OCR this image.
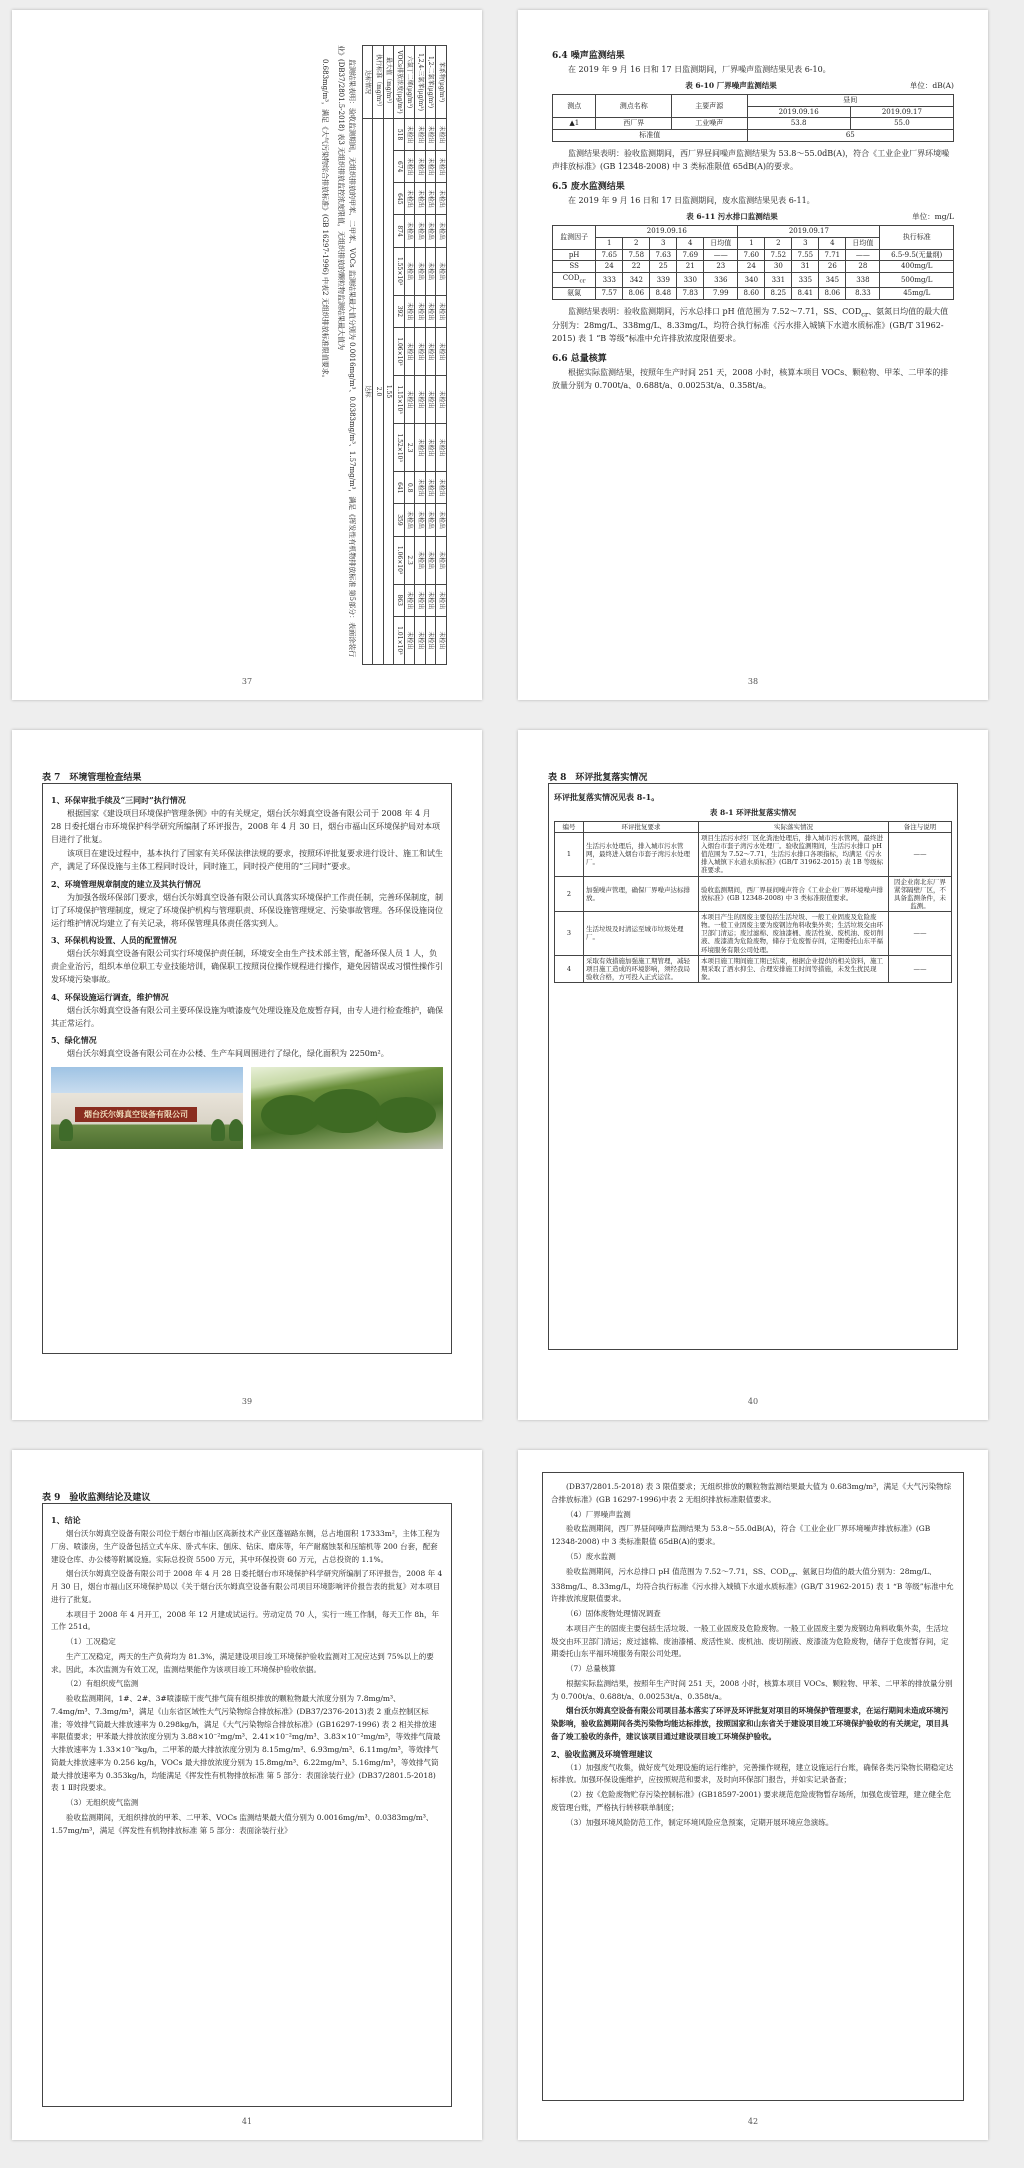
苯系物(μg/m³)	未检出	未检出	未检出	未检出	未检出	未检出	未检出	未检出	未检出	未检出	未检出	未检出	未检出	未检出
1,2-二氯苯(μg/m³)	未检出	未检出	未检出	未检出	未检出	未检出	未检出	未检出	未检出	未检出	未检出	未检出	未检出	未检出
1,2,4-三氯苯(μg/m³)	未检出	未检出	未检出	未检出	未检出	未检出	未检出	未检出	未检出	未检出	未检出	未检出	未检出	未检出
六氯丁二烯(μg/m³)	未检出	未检出	未检出	未检出	未检出	未检出	未检出	未检出	2.3	0.8	未检出	2.3	未检出	未检出
VOCs排放浓度(μg/m³)	518	674	645	874	1.55×10³	392	1.06×10³	1.15×10³	1.52×10³	641	359	1.06×10³	863	1.01×10³
最大值（mg/m³）	1.55													
执行标准（mg/m³）	2.0													
达标情况	达标													
监测结果表明：验收监测期间，无组织排放的甲苯、二甲苯、VOCs 监测结果最大值分别为 0.0016mg/m³、0.0383mg/m³、1.57mg/m³，满足《挥发性有机物排放标准 第5部分：表面涂装行业》(DB37/2801.5-2018) 表3 无组织排放监控浓度限值，无组织排放的颗粒物监测结果最大值为
0.683mg/m³，满足《大气污染物综合排放标准》(GB 16297-1996) 中表2 无组织排放标准限值要求。
37
6.4 噪声监测结果
在 2019 年 9 月 16 日和 17 日监测期间，厂界噪声监测结果见表 6-10。
表 6-10 厂界噪声监测结果	单位：dB(A)
测点	测点名称	主要声源	昼间	
			2019.09.16	2019.09.17
▲1	西厂界	工业噪声	53.8	55.0
标准值			65	
监测结果表明：验收监测期间，西厂界昼间噪声监测结果为 53.8～55.0dB(A)，符合《工业企业厂界环境噪声排放标准》(GB 12348-2008) 中 3 类标准限值 65dB(A)的要求。
6.5 废水监测结果
在 2019 年 9 月 16 日和 17 日监测期间，废水监测结果见表 6-11。
表 6-11 污水排口监测结果	单位：mg/L
监测因子	2019.09.16					2019.09.17					执行标准
	1	2	3	4	日均值	1	2	3	4	日均值	
pH	7.65	7.58	7.63	7.69	——	7.60	7.52	7.55	7.71	——	6.5-9.5(无量纲)
SS	24	22	25	21	23	24	30	31	26	28	400mg/L
$COD_{cr}$	333	342	339	330	336	340	331	335	345	338	500mg/L
氨氮	7.57	8.06	8.48	7.83	7.99	8.60	8.25	8.41	8.06	8.33	45mg/L
监测结果表明：验收监测期间，污水总排口 pH 值范围为 7.52～7.71，SS、$COD_{cr}$、氨氮日均值的最大值分别为：28mg/L、338mg/L、8.33mg/L，均符合执行标准《污水排入城镇下水道水质标准》(GB/T 31962-2015) 表 1 “B 等级”标准中允许排放浓度限值要求。
6.6 总量核算
根据实际监测结果，按照年生产时间 251 天，2008 小时，核算本项目 VOCs、颗粒物、甲苯、二甲苯的排放量分别为 0.700t/a、0.688t/a、0.00253t/a、0.358t/a。
38
表 7　环境管理检查结果
1、环保审批手续及“三同时”执行情况
根据国家《建设项目环境保护管理条例》中的有关规定，烟台沃尔姆真空设备有限公司于 2008 年 4 月 28 日委托烟台市环境保护科学研究所编制了环评报告，2008 年 4 月 30 日，烟台市福山区环境保护局对本项目进行了批复。
该项目在建设过程中，基本执行了国家有关环保法律法规的要求，按照环评批复要求进行设计、施工和试生产，满足了环保设施与主体工程同时设计，同时施工，同时投产使用的“三同时”要求。
2、环境管理规章制度的建立及其执行情况
为加强各级环保部门要求，烟台沃尔姆真空设备有限公司认真落实环境保护工作责任制，完善环保制度，制订了环境保护管理制度，规定了环境保护机构与管理职责、环保设施管理规定、污染事故管理。各环保设施岗位运行维护情况均建立了有关记录，将环保管理具体责任落实到人。
3、环保机构设置、人员的配置情况
烟台沃尔姆真空设备有限公司实行环境保护责任制，环境安全由生产技术部主管，配备环保人员 1 人，负责企业治污，组织本单位职工专业技能培训，确保职工按照岗位操作规程进行操作，避免因错误或习惯性操作引发环境污染事故。
4、环保设施运行调查，维护情况
烟台沃尔姆真空设备有限公司主要环保设施为喷漆废气处理设施及危废暂存间，由专人进行检查维护，确保其正常运行。
5、绿化情况
烟台沃尔姆真空设备有限公司在办公楼、生产车间周围进行了绿化，绿化面积为 2250m²。
烟台沃尔姆真空设备有限公司
39
表 8　环评批复落实情况
环评批复落实情况见表 8-1。
表 8-1 环评批复落实情况
编号	环评批复要求	实际落实情况	备注与说明
1	生活污水处理后，排入城市污水管网，最终进入烟台市套子湾污水处理厂。	项目生活污水经厂区化粪池处理后，排入城市污水管网，最终进入烟台市套子湾污水处理厂。验收监测期间，生活污水排口 pH 值范围为 7.52～7.71，生活污水排口各项指标，均满足《污水排入城镇下水道水质标准》(GB/T 31962-2015) 表 1B 等级标准要求。	——
2	加强噪声管理，确保厂界噪声达标排放。	验收监测期间，西厂界昼间噪声符合《工业企业厂界环境噪声排放标准》(GB 12348-2008) 中 3 类标准限值要求。	因企业南北东厂界紧邻隔壁厂区，不具备监测条件，未监测。
3	生活垃圾及时清运至城市垃圾处理厂。	本项目产生的固废主要包括生活垃圾、一般工业固废及危险废物。一般工业固废主要为废钢边角料收集外卖；生活垃圾交由环卫部门清运；废过滤棉、废油漆桶、废活性炭、废机油、废切削液、废漆渣为危险废物，储存于危废暂存间，定期委托山东平福环境服务有限公司处理。	——
4	采取有效措施加强施工期管理，减轻项目施工造成的环境影响，须经我局验收合格，方可投入正式运营。	本项目施工期间施工期已结束，根据企业提供的相关资料，施工期采取了洒水抑尘、合理安排施工时间等措施，未发生扰民现象。	——
40
表 9　验收监测结论及建议
1、结论
烟台沃尔姆真空设备有限公司位于烟台市福山区高新技术产业区蓬福路东侧，总占地面积 17333m²，主体工程为厂房、喷漆房，生产设备包括立式车床、卧式车床、刨床、钻床、磨床等，年产耐腐蚀泵和压缩机等 200 台套，配套建设仓库、办公楼等附属设施。实际总投资 5500 万元，其中环保投资 60 万元，占总投资的 1.1%。
烟台沃尔姆真空设备有限公司于 2008 年 4 月 28 日委托烟台市环境保护科学研究所编制了环评报告，2008 年 4 月 30 日，烟台市福山区环境保护局以《关于烟台沃尔姆真空设备有限公司项目环境影响评价报告表的批复》对本项目进行了批复。
本项目于 2008 年 4 月开工，2008 年 12 月建成试运行。劳动定员 70 人，实行一班工作制，每天工作 8h，年工作 251d。
（1）工况稳定
生产工况稳定，两天的生产负荷均为 81.3%，满足建设项目竣工环境保护验收监测对工况应达到 75%以上的要求。因此，本次监测为有效工况，监测结果能作为该项目竣工环境保护验收依据。
（2）有组织废气监测
验收监测期间，1#、2#、3#喷漆晾干废气排气筒有组织排放的颗粒物最大浓度分别为 7.8mg/m³、7.4mg/m³、7.3mg/m³，满足《山东省区域性大气污染物综合排放标准》(DB37/2376-2013)表 2 重点控制区标准；等效排气筒最大排放速率为 0.298kg/h，满足《大气污染物综合排放标准》(GB16297-1996) 表 2 相关排放速率限值要求；甲苯最大排放浓度分别为 3.88×10⁻²mg/m³、2.41×10⁻²mg/m³、3.83×10⁻²mg/m³，等效排气筒最大排放速率为 1.33×10⁻³kg/h，二甲苯的最大排放浓度分别为 8.15mg/m³、6.93mg/m³、6.11mg/m³，等效排气筒最大排放速率为 0.256 kg/h，VOCs 最大排放浓度分别为 15.8mg/m³、6.22mg/m³、5.16mg/m³，等效排气筒最大排放速率为 0.353kg/h，均能满足《挥发性有机物排放标准 第 5 部分：表面涂装行业》(DB37/2801.5-2018) 表 1 Ⅱ时段要求。
（3）无组织废气监测
验收监测期间，无组织排放的甲苯、二甲苯、VOCs 监测结果最大值分别为 0.0016mg/m³、0.0383mg/m³、1.57mg/m³，满足《挥发性有机物排放标准 第 5 部分：表面涂装行业》
41
(DB37/2801.5-2018) 表 3 限值要求；无组织排放的颗粒物监测结果最大值为 0.683mg/m³，满足《大气污染物综合排放标准》(GB 16297-1996)中表 2 无组织排放标准限值要求。
（4）厂界噪声监测
验收监测期间，西厂界昼间噪声监测结果为 53.8～55.0dB(A)，符合《工业企业厂界环境噪声排放标准》(GB 12348-2008) 中 3 类标准限值 65dB(A)的要求。
（5）废水监测
验收监测期间，污水总排口 pH 值范围为 7.52～7.71，SS、$COD_{cr}$、氨氮日均值的最大值分别为：28mg/L、338mg/L、8.33mg/L，均符合执行标准《污水排入城镇下水道水质标准》(GB/T 31962-2015) 表 1 “B 等级”标准中允许排放浓度限值要求。
（6）固体废物处理情况调查
本项目产生的固废主要包括生活垃圾、一般工业固废及危险废物。一般工业固废主要为废钢边角料收集外卖，生活垃圾交由环卫部门清运；废过滤棉、废油漆桶、废活性炭、废机油、废切削液、废漆渣为危险废物，储存于危废暂存间，定期委托山东平福环境服务有限公司处理。
（7）总量核算
根据实际监测结果，按照年生产时间 251 天，2008 小时，核算本项目 VOCs、颗粒物、甲苯、二甲苯的排放量分别为 0.700t/a、0.688t/a、0.00253t/a、0.358t/a。
烟台沃尔姆真空设备有限公司项目基本落实了环评及环评批复对项目的环境保护管理要求，在运行期间未造成环境污染影响，验收监测期间各类污染物均能达标排放，按照国家和山东省关于建设项目竣工环境保护验收的有关规定，项目具备了竣工验收的条件，建议该项目通过建设项目竣工环境保护验收。
2、验收监测及环境管理建议
（1）加强废气收集，做好废气处理设施的运行维护，完善操作规程，建立设施运行台账，确保各类污染物长期稳定达标排放。加强环保设施维护，应按照规范和要求，及时向环保部门报告，并如实记录备查；
（2）按《危险废物贮存污染控制标准》(GB18597-2001) 要求规范危险废物暂存场所，加强危废管理，建立健全危废管理台账，严格执行转移联单制度；
（3）加强环境风险防范工作，制定环境风险应急预案，定期开展环境应急演练。
42
